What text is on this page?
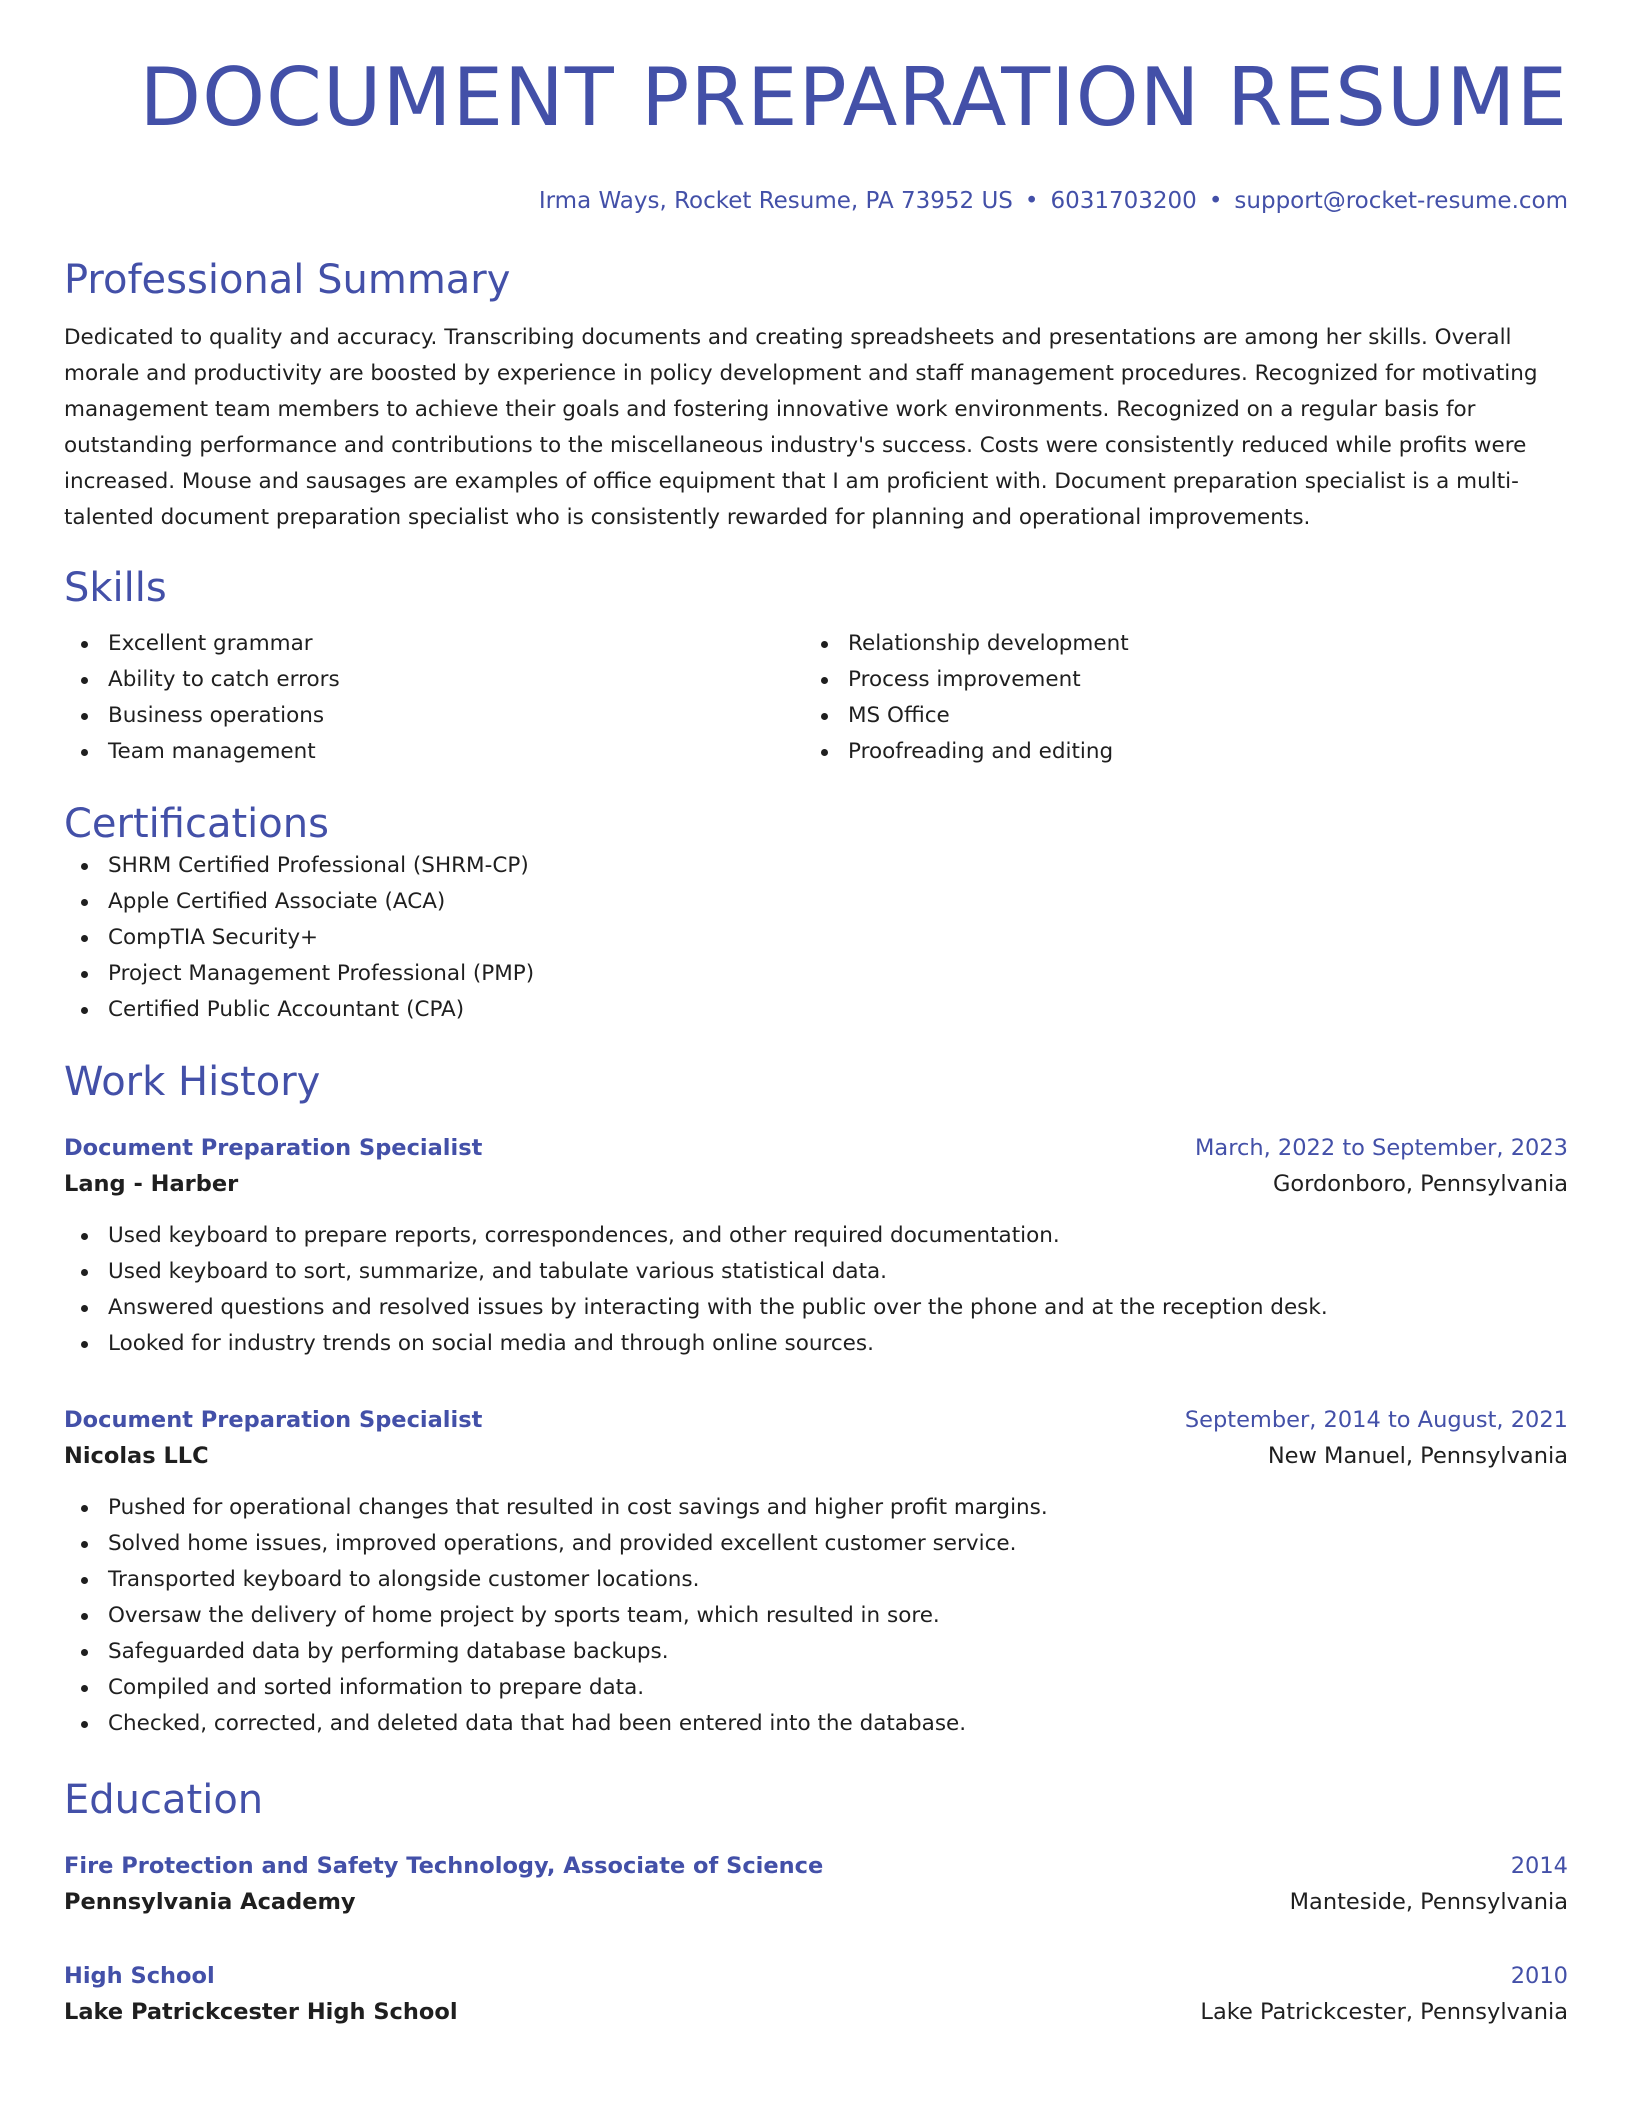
DOCUMENT PREPARATION RESUME
Irma Ways, Rocket Resume, PA 73952 US • 6031703200 • support@rocket-resume.com
Professional Summary

Dedicated to quality and accuracy. Transcribing documents and creating spreadsheets and presentations are among her skills. Overall morale and productivity are boosted by experience in policy development and staff management procedures. Recognized for motivating management team members to achieve their goals and fostering innovative work environments. Recognized on a regular basis for outstanding performance and contributions to the miscellaneous industry's success. Costs were consistently reduced while profits were increased. Mouse and sausages are examples of office equipment that I am proficient with. Document preparation specialist is a multi-talented document preparation specialist who is consistently rewarded for planning and operational improvements.

Skills
Excellent grammar
Ability to catch errors
Business operations
Team management
Relationship development
Process improvement
MS Office
Proofreading and editing
Certifications
SHRM Certified Professional (SHRM-CP)
Apple Certified Associate (ACA)
CompTIA Security+
Project Management Professional (PMP)
Certified Public Accountant (CPA)
Work History
Document Preparation Specialist	March, 2022 to September, 2023
Lang - Harber	Gordonboro, Pennsylvania
Used keyboard to prepare reports, correspondences, and other required documentation.
Used keyboard to sort, summarize, and tabulate various statistical data.
Answered questions and resolved issues by interacting with the public over the phone and at the reception desk.
Looked for industry trends on social media and through online sources.
Document Preparation Specialist	September, 2014 to August, 2021
Nicolas LLC	New Manuel, Pennsylvania
Pushed for operational changes that resulted in cost savings and higher profit margins.
Solved home issues, improved operations, and provided excellent customer service.
Transported keyboard to alongside customer locations.
Oversaw the delivery of home project by sports team, which resulted in sore.
Safeguarded data by performing database backups.
Compiled and sorted information to prepare data.
Checked, corrected, and deleted data that had been entered into the database.
Education
Fire Protection and Safety Technology, Associate of Science	2014
Pennsylvania Academy	Manteside, Pennsylvania
High School	2010
Lake Patrickcester High School	Lake Patrickcester, Pennsylvania
